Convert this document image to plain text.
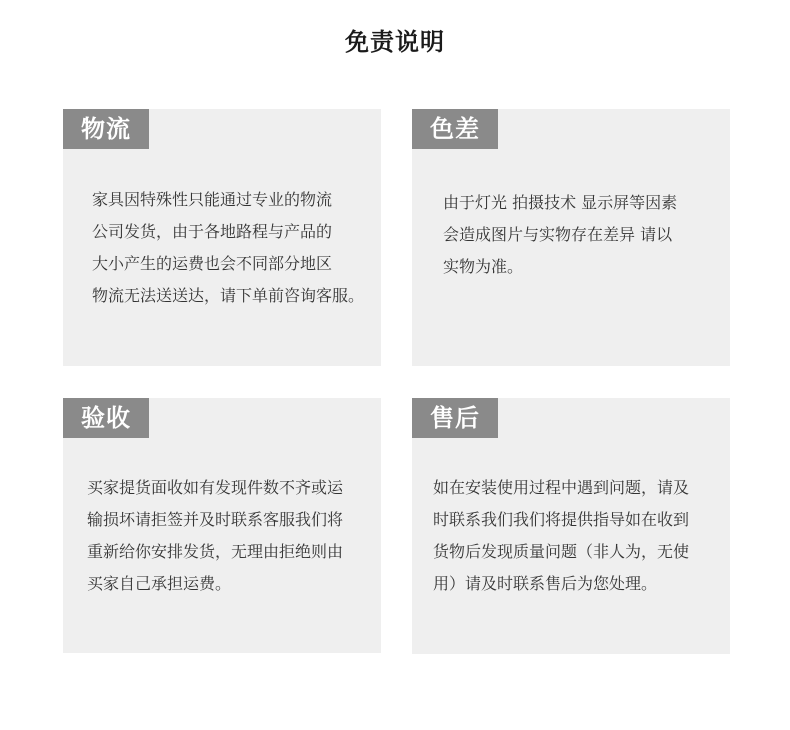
免责说明
物流
家具因特殊性只能通过专业的物流
公司发货，由于各地路程与产品的
大小产生的运费也会不同部分地区
物流无法送送达，请下单前咨询客服。
色差
由于灯光 拍摄技术 显示屏等因素
会造成图片与实物存在差异 请以
实物为准。
验收
买家提货面收如有发现件数不齐或运
输损坏请拒签并及时联系客服我们将
重新给你安排发货，无理由拒绝则由
买家自己承担运费。
售后
如在安装使用过程中遇到问题，请及
时联系我们我们将提供指导如在收到
货物后发现质量问题（非人为，无使
用）请及时联系售后为您处理。
